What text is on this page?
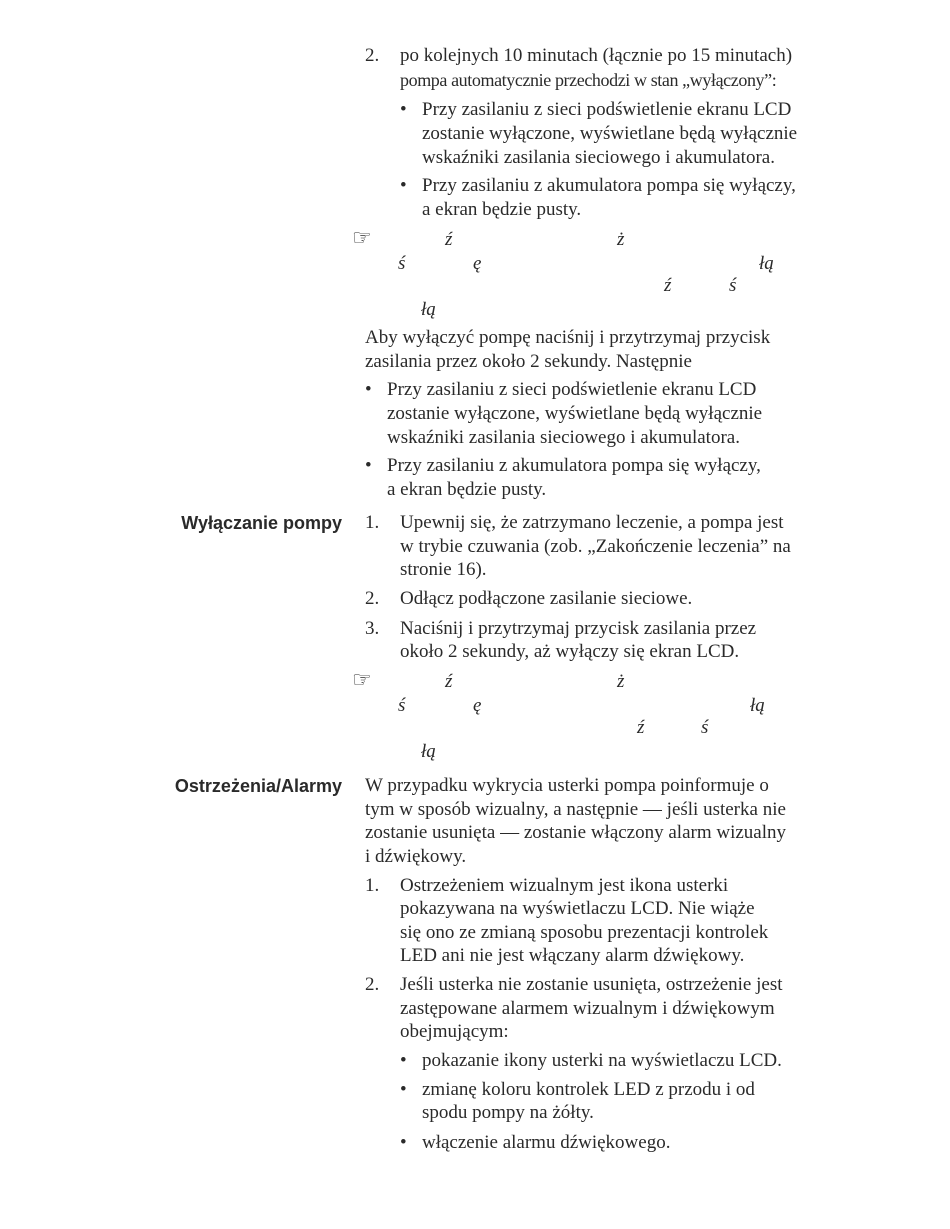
2.	po kolejnych 10 minutach (łącznie po 15 minutach)
pompa automatycznie przechodzi w stan „wyłączony”:
• Przy zasilaniu z sieci podświetlenie ekranu LCD
zostanie wyłączone, wyświetlane będą wyłącznie
wskaźniki zasilania sieciowego i akumulatora.
• Przy zasilaniu z akumulatora pompa się wyłączy,
a ekran będzie pusty.
☞	ź	ż
ś	ę	łą
ź	ś
łą
Aby wyłączyć pompę naciśnij i przytrzymaj przycisk
zasilania przez około 2 sekundy. Następnie
• Przy zasilaniu z sieci podświetlenie ekranu LCD
zostanie wyłączone, wyświetlane będą wyłącznie
wskaźniki zasilania sieciowego i akumulatora.
• Przy zasilaniu z akumulatora pompa się wyłączy,
a ekran będzie pusty.
Wyłączanie pompy 1.	Upewnij się, że zatrzymano leczenie, a pompa jest
w trybie czuwania (zob. „Zakończenie leczenia” na
stronie 16).
2.	Odłącz podłączone zasilanie sieciowe.
3.	Naciśnij i przytrzymaj przycisk zasilania przez
około 2 sekundy, aż wyłączy się ekran LCD.
☞	ź	ż
ś	ę	łą
ź	ś
łą
Ostrzeżenia/Alarmy W przypadku wykrycia usterki pompa poinformuje o
tym w sposób wizualny, a następnie — jeśli usterka nie
zostanie usunięta — zostanie włączony alarm wizualny
i dźwiękowy.
1.	Ostrzeżeniem wizualnym jest ikona usterki
pokazywana na wyświetlaczu LCD. Nie wiąże
się ono ze zmianą sposobu prezentacji kontrolek
LED ani nie jest włączany alarm dźwiękowy.
2.	Jeśli usterka nie zostanie usunięta, ostrzeżenie jest
zastępowane alarmem wizualnym i dźwiękowym
obejmującym:
• pokazanie ikony usterki na wyświetlaczu LCD.
• zmianę koloru kontrolek LED z przodu i od
spodu pompy na żółty.
• włączenie alarmu dźwiękowego.
